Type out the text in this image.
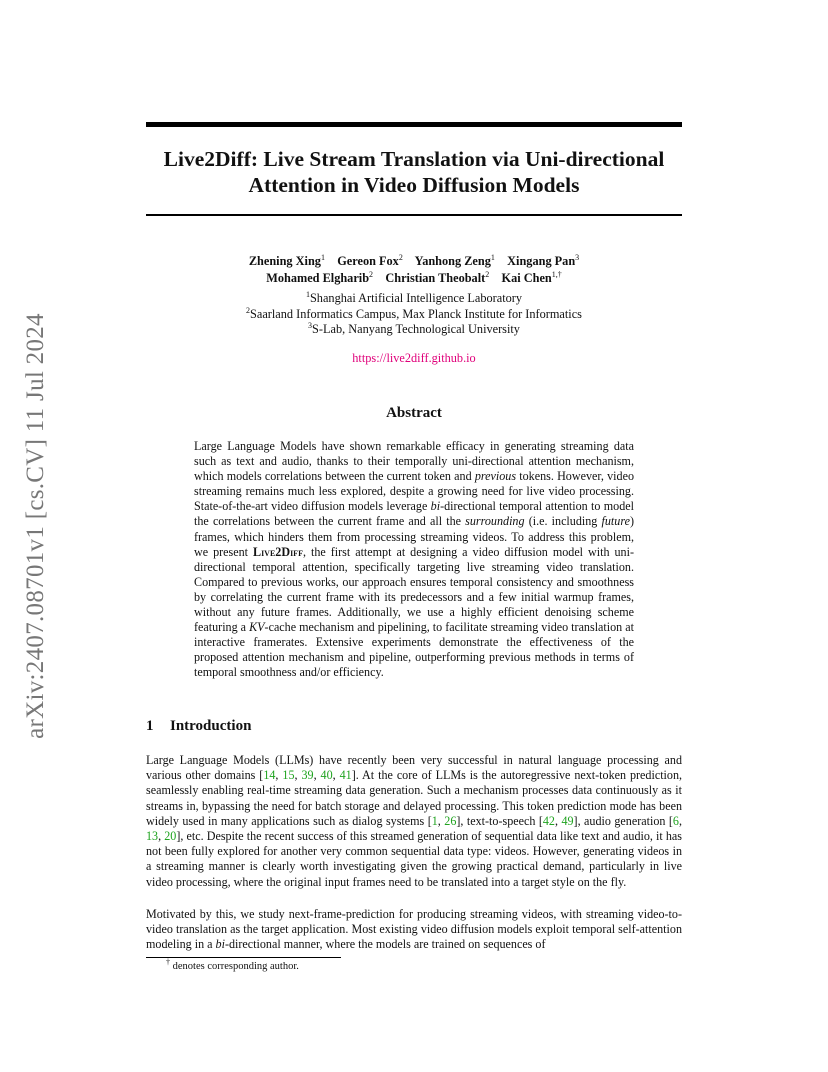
arXiv:2407.08701v1 [cs.CV] 11 Jul 2024
Live2Diff: Live Stream Translation via Uni-directional
Attention in Video Diffusion Models
Zhening Xing$^1$ Gereon Fox$^2$ Yanhong Zeng$^1$ Xingang Pan$^3$
Mohamed Elgharib$^2$ Christian Theobalt$^2$ Kai Chen$^{1,\dagger}$
$^1$Shanghai Artificial Intelligence Laboratory
$^2$Saarland Informatics Campus, Max Planck Institute for Informatics
$^3$S-Lab, Nanyang Technological University
https://live2diff.github.io
Abstract
Large Language Models have shown remarkable efficacy in generating streaming data such as text and audio, thanks to their temporally uni-directional attention mechanism, which models correlations between the current token and previous tokens. However, video streaming remains much less explored, despite a growing need for live video processing. State-of-the-art video diffusion models leverage bi-directional temporal attention to model the correlations between the current frame and all the surrounding (i.e. including future) frames, which hinders them from processing streaming videos. To address this problem, we present Live2Diff, the first attempt at designing a video diffusion model with uni-directional temporal attention, specifically targeting live streaming video translation. Compared to previous works, our approach ensures temporal consistency and smoothness by correlating the current frame with its predecessors and a few initial warmup frames, without any future frames. Additionally, we use a highly efficient denoising scheme featuring a KV-cache mechanism and pipelining, to facilitate streaming video translation at interactive framerates. Extensive experiments demonstrate the effectiveness of the proposed attention mechanism and pipeline, outperforming previous methods in terms of temporal smoothness and/or efficiency.
1 Introduction
Large Language Models (LLMs) have recently been very successful in natural language processing and various other domains [14, 15, 39, 40, 41]. At the core of LLMs is the autoregressive next-token prediction, seamlessly enabling real-time streaming data generation. Such a mechanism processes data continuously as it streams in, bypassing the need for batch storage and delayed processing. This token prediction mode has been widely used in many applications such as dialog systems [1, 26], text-to-speech [42, 49], audio generation [6, 13, 20], etc. Despite the recent success of this streamed generation of sequential data like text and audio, it has not been fully explored for another very common sequential data type: videos. However, generating videos in a streaming manner is clearly worth investigating given the growing practical demand, particularly in live video processing, where the original input frames need to be translated into a target style on the fly.
Motivated by this, we study next-frame-prediction for producing streaming videos, with streaming video-to-video translation as the target application. Most existing video diffusion models exploit temporal self-attention modeling in a bi-directional manner, where the models are trained on sequences of
† denotes corresponding author.
